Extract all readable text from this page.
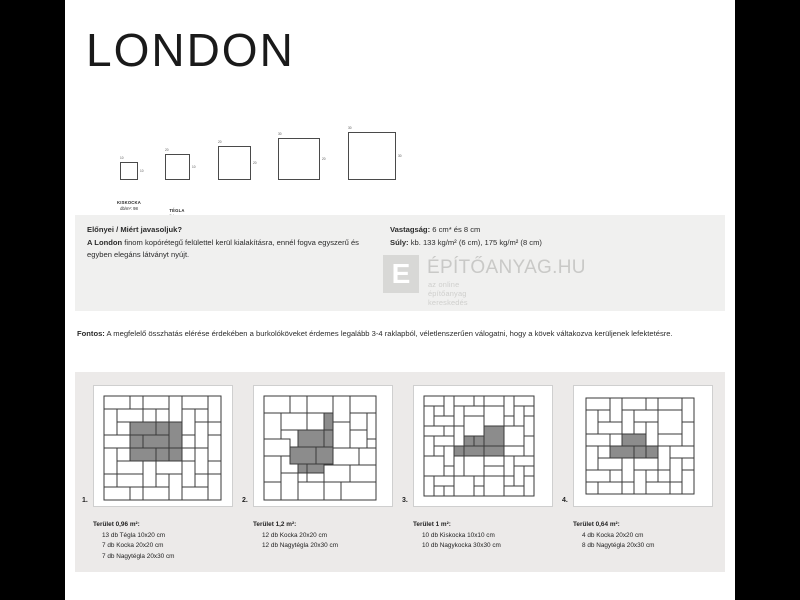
LONDON
10
10
KISKOCKA
db/m²: 98
20
10
TÉGLA

20
20

30
20

30
30

Előnyei / Miért javasoljuk?
A London finom kopórétegű felülettel kerül kialakításra, ennél fogva egyszerű és egyben elegáns látványt nyújt.
Vastagság: 6 cm* és 8 cm
Súly: kb. 133 kg/m² (6 cm), 175 kg/m² (8 cm)
E ÉPÍTŐANYAG.HU
az online építőanyag kereskedés
Fontos: A megfelelő összhatás elérése érdekében a burkolóköveket érdemes legalább 3-4 raklapból, véletlenszerűen válogatni, hogy a kövek váltakozva kerüljenek lefektetésre.
1.
Terület 0,96 m²:
13 db Tégla 10x20 cm
7 db Kocka 20x20 cm
7 db Nagytégla 20x30 cm
2.
Terület 1,2 m²:
12 db Kocka 20x20 cm
12 db Nagytégla 20x30 cm
3.
Terület 1 m²:
10 db Kiskocka 10x10 cm
10 db Nagykocka 30x30 cm
4.
Terület 0,64 m²:
4 db Kocka 20x20 cm
8 db Nagytégla 20x30 cm
